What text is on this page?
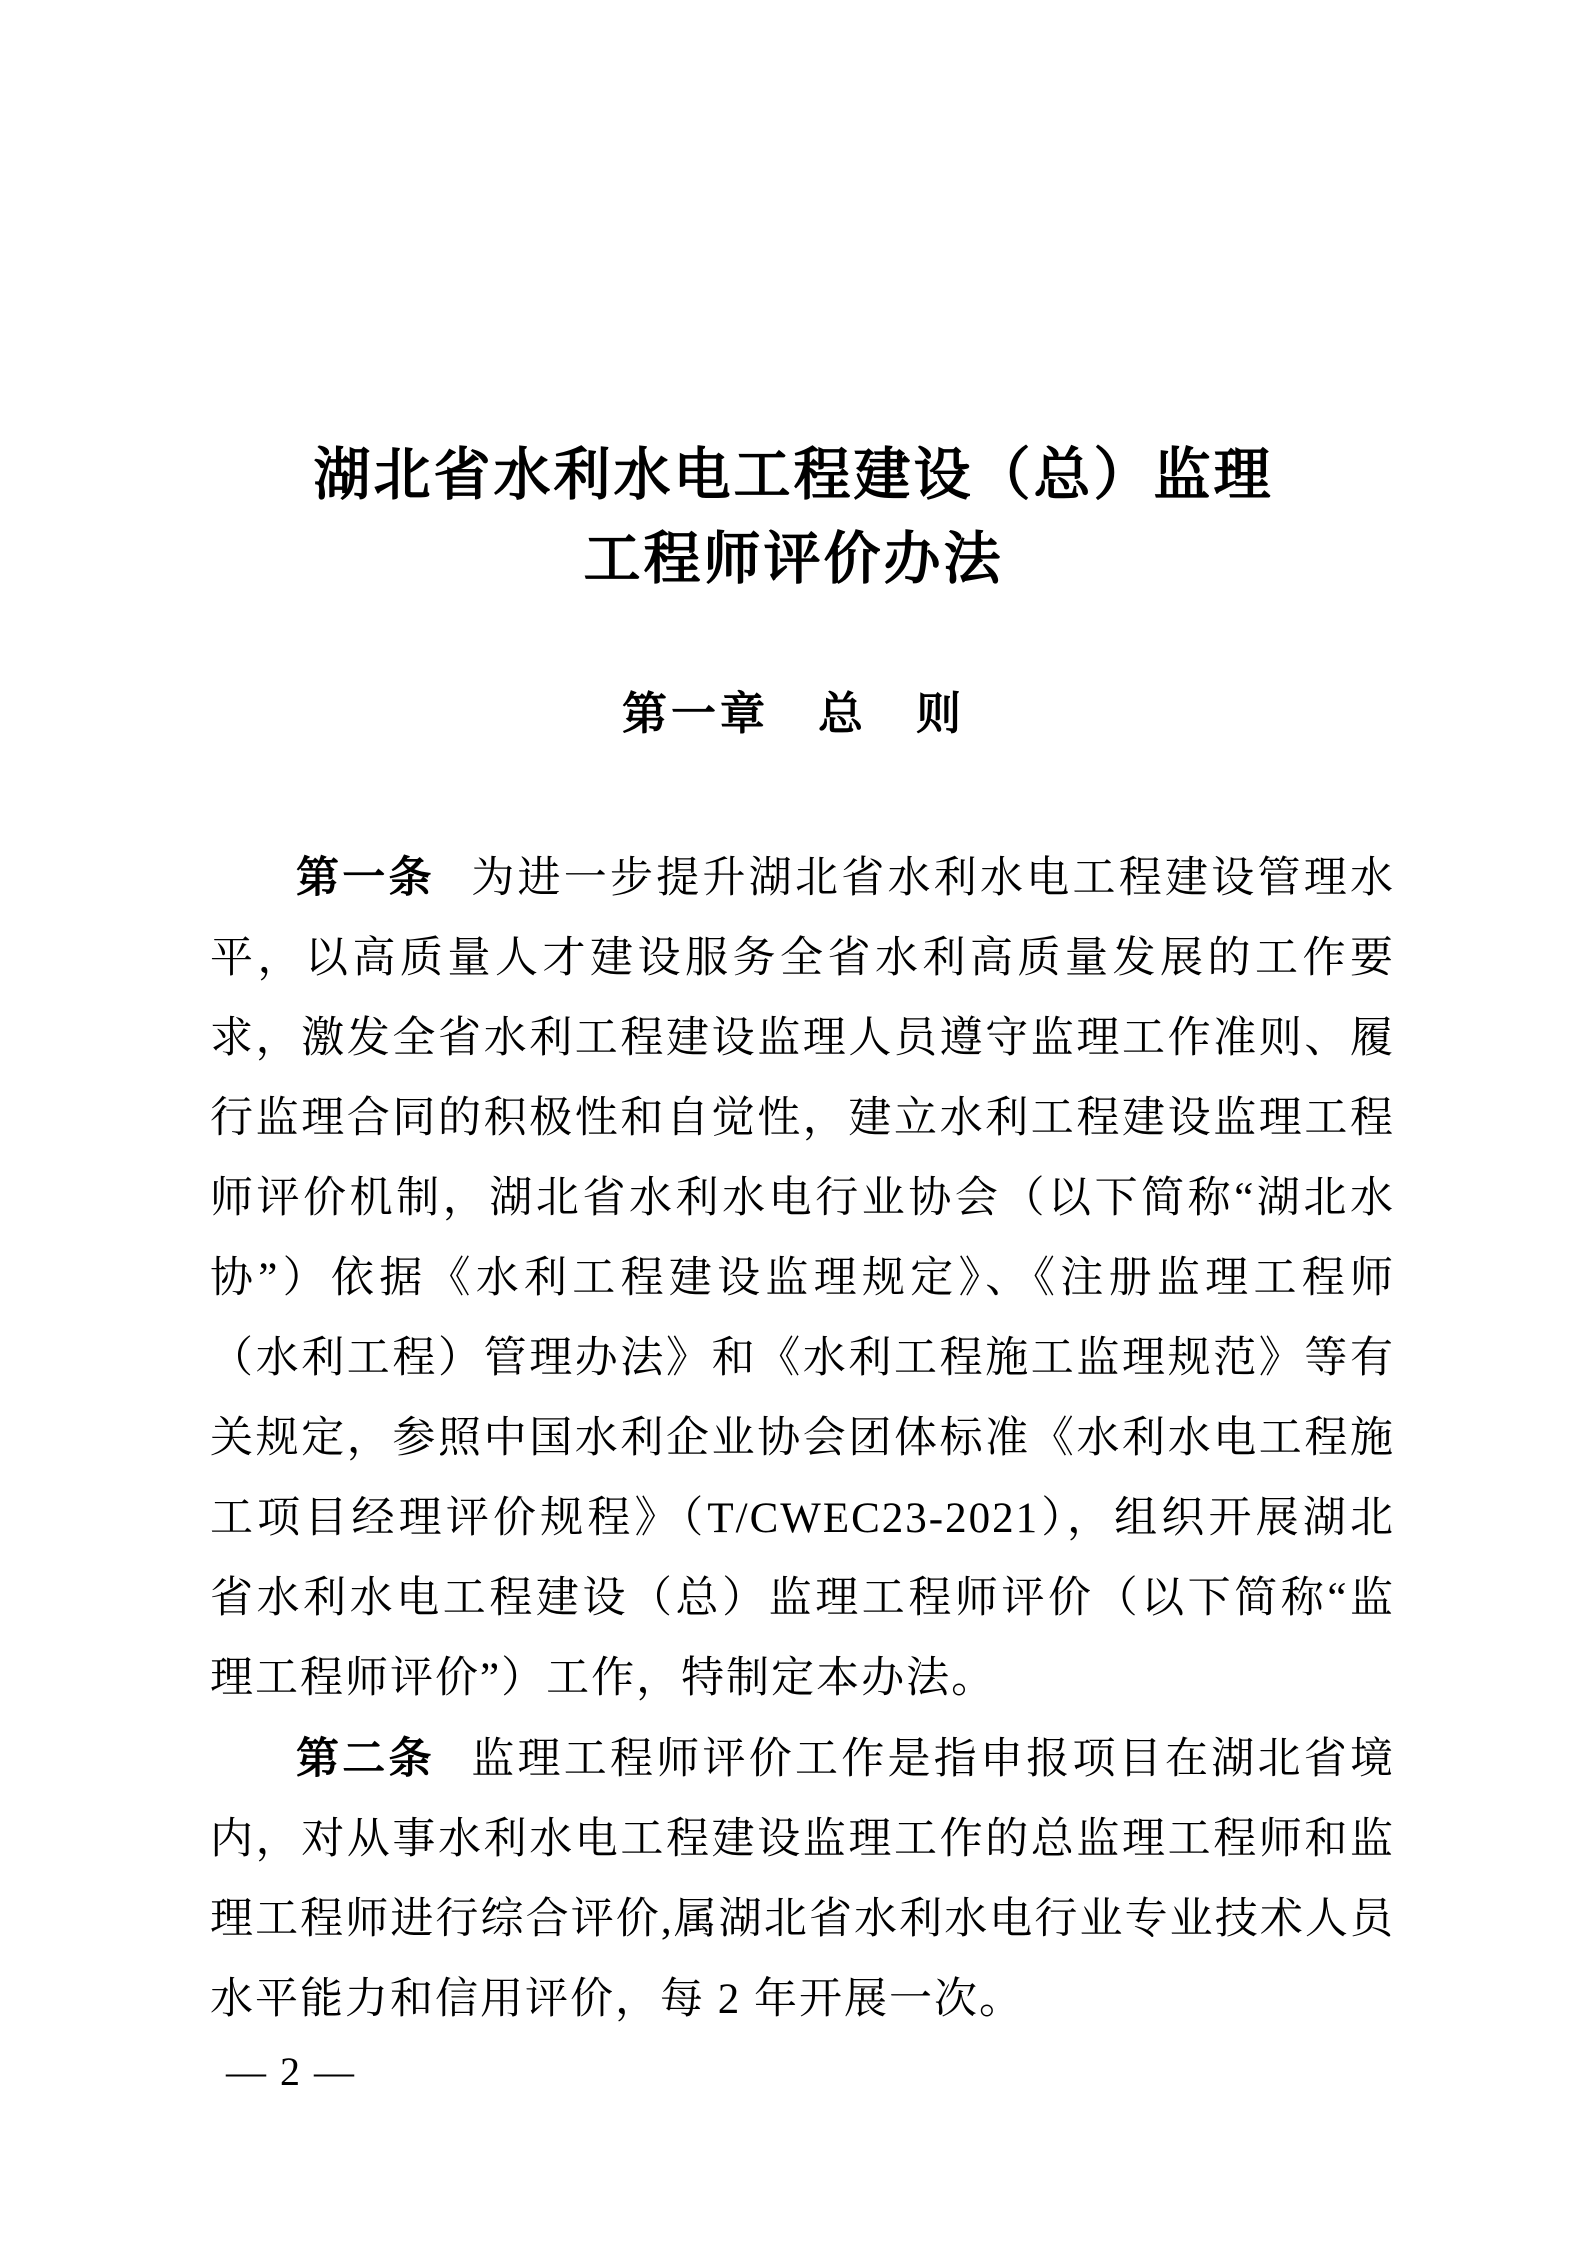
湖北省水利水电工程建设（总）监理
工程师评价办法
第一章　总　则

第一条 为进一步提升湖北省水利水电工程建设管理水平，以高质量人才建设服务全省水利高质量发展的工作要求，激发全省水利工程建设监理人员遵守监理工作准则、履行监理合同的积极性和自觉性，建立水利工程建设监理工程师评价机制，湖北省水利水电行业协会（以下简称“湖北水协”）依据《水利工程建设监理规定》、《注册监理工程师（水利工程）管理办法》和《水利工程施工监理规范》等有关规定，参照中国水利企业协会团体标准《水利水电工程施工项目经理评价规程》（T/CWEC23-2021），组织开展湖北省水利水电工程建设（总）监理工程师评价（以下简称“监理工程师评价”）工作，特制定本办法。

第二条 监理工程师评价工作是指申报项目在湖北省境内，对从事水利水电工程建设监理工作的总监理工程师和监理工程师进行综合评价,属湖北省水利水电行业专业技术人员水平能力和信用评价，每 2 年开展一次。

— 2 —
